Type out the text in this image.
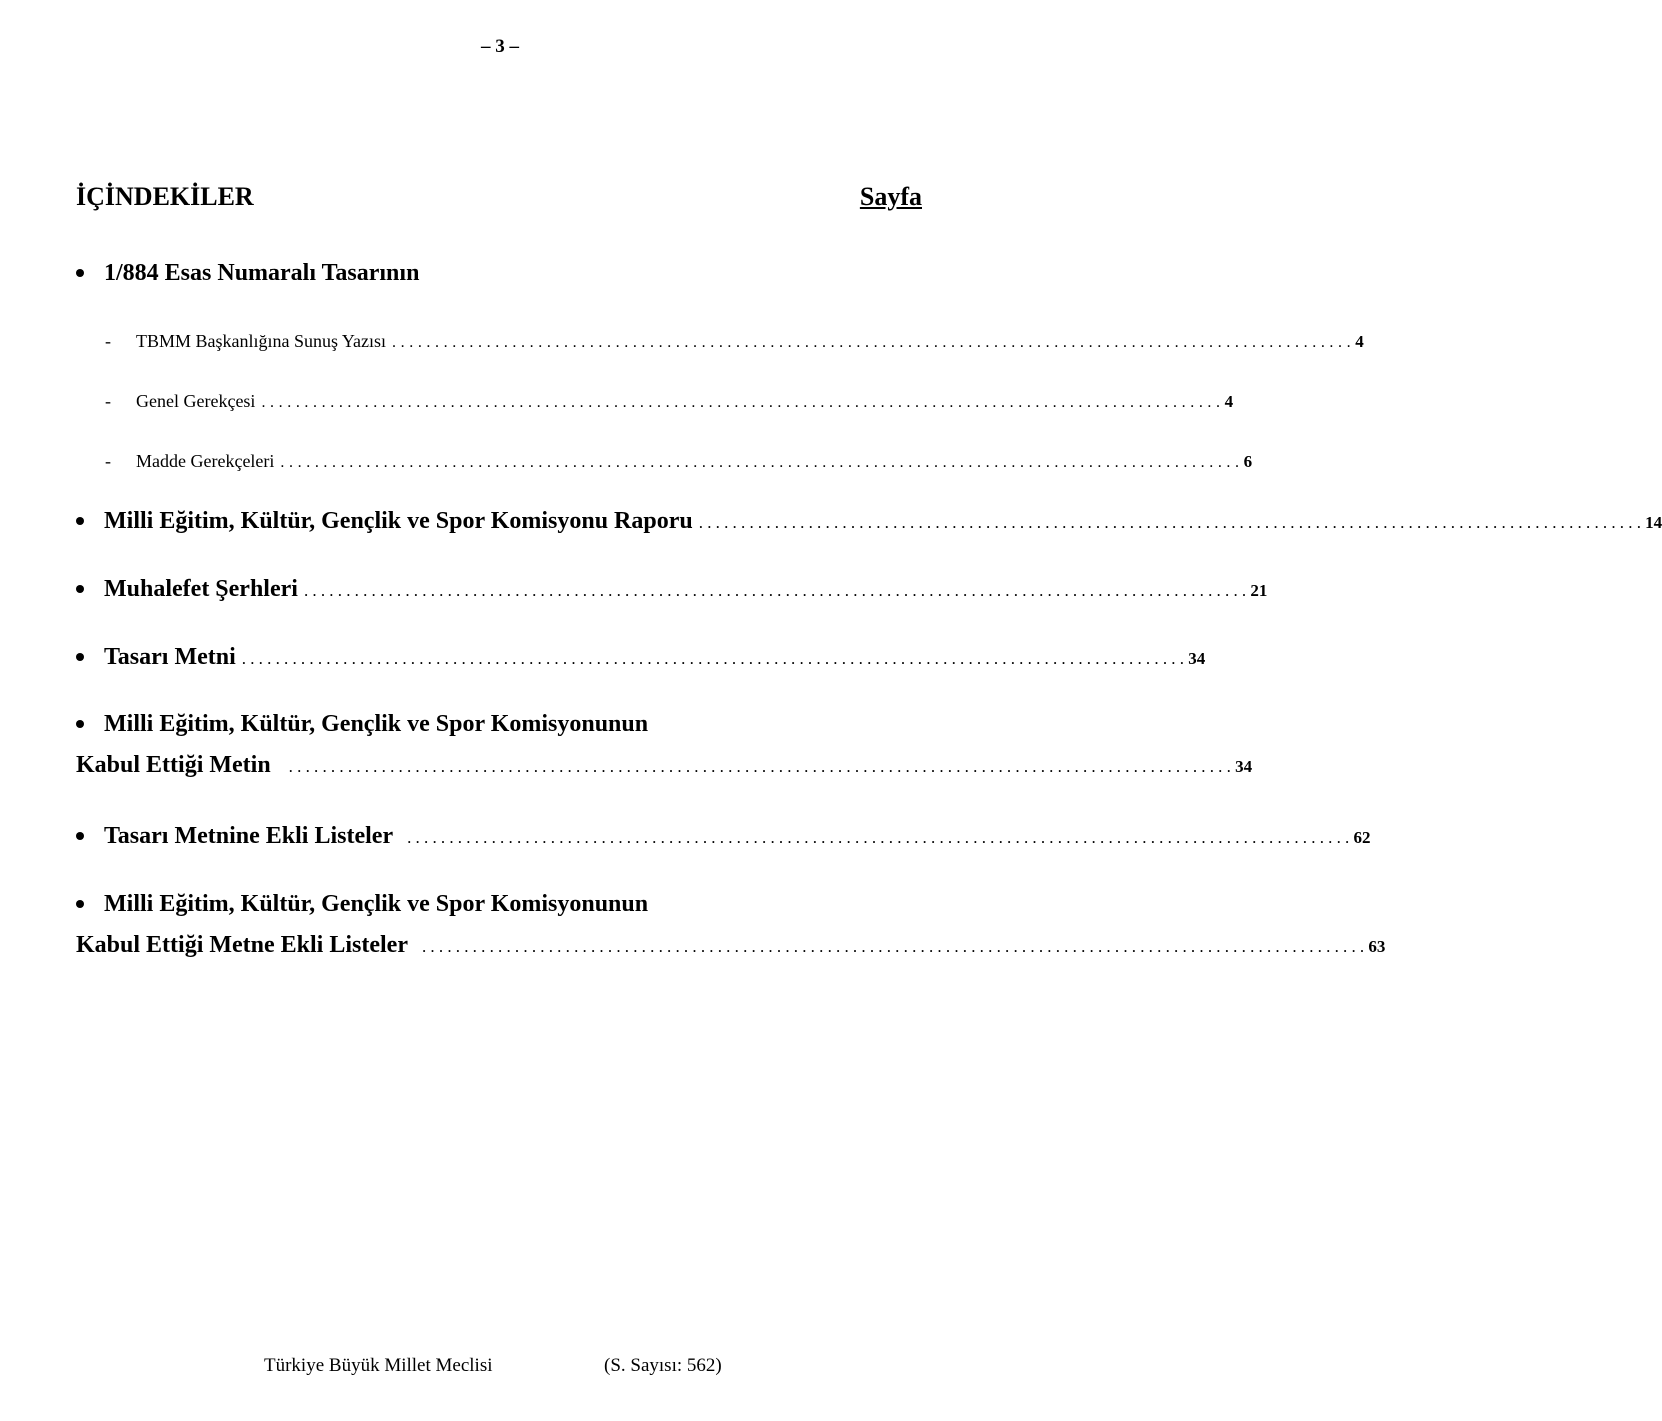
– 3 –
İÇİNDEKİLER	Sayfa
1/884 Esas Numaralı Tasarının
- TBMM Başkanlığına Sunuş Yazısı ................................................................................................................ 4
- Genel Gerekçesi ................................................................................................................ 4
- Madde Gerekçeleri ................................................................................................................ 6
Milli Eğitim, Kültür, Gençlik ve Spor Komisyonu Raporu ................................................................................................................ 14
Muhalefet Şerhleri ................................................................................................................ 21
Tasarı Metni ................................................................................................................ 34
Milli Eğitim, Kültür, Gençlik ve Spor Komisyonunun
Kabul Ettiği Metin ................................................................................................................ 34
Tasarı Metnine Ekli Listeler ................................................................................................................ 62
Milli Eğitim, Kültür, Gençlik ve Spor Komisyonunun
Kabul Ettiği Metne Ekli Listeler ................................................................................................................ 63
Türkiye Büyük Millet Meclisi	(S. Sayısı: 562)
